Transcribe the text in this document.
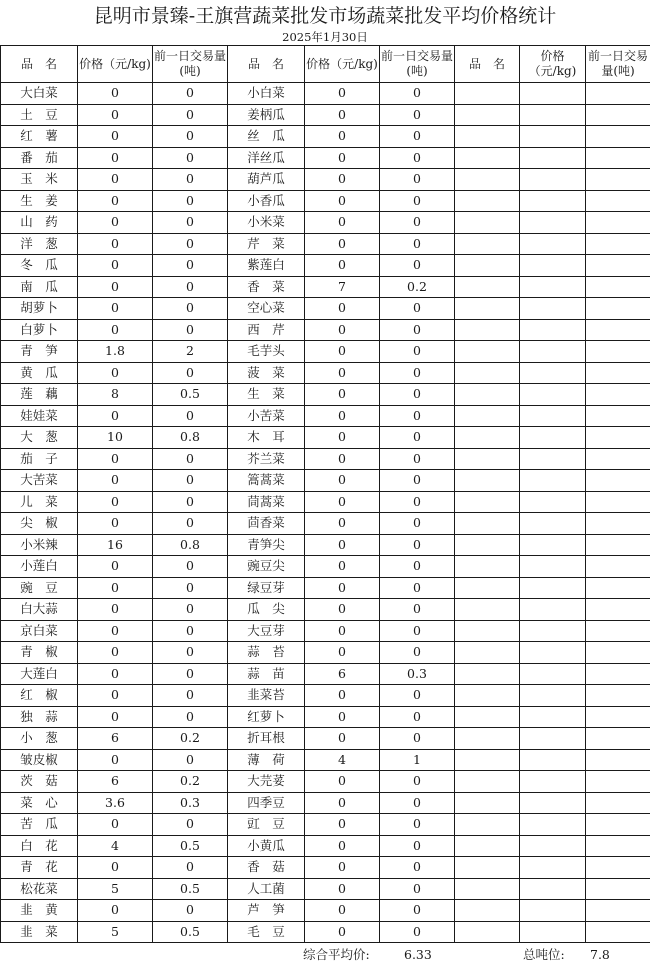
昆明市景臻-王旗营蔬菜批发市场蔬菜批发平均价格统计
2025年1月30日
品　名	价格（元/kg)	前一日交易量(吨)	品　名	价格（元/kg)	前一日交易量(吨)	品　名	价格（元/kg)	前一日交易量(吨)
大白菜	0	0	小白菜	0	0			
土　豆	0	0	姜柄瓜	0	0			
红　薯	0	0	丝　瓜	0	0			
番　茄	0	0	洋丝瓜	0	0			
玉　米	0	0	葫芦瓜	0	0			
生　姜	0	0	小香瓜	0	0			
山　药	0	0	小米菜	0	0			
洋　葱	0	0	芹　菜	0	0			
冬　瓜	0	0	紫莲白	0	0			
南　瓜	0	0	香　菜	7	0.2			
胡萝卜	0	0	空心菜	0	0			
白萝卜	0	0	西　芹	0	0			
青　笋	1.8	2	毛芋头	0	0			
黄　瓜	0	0	菠　菜	0	0			
莲　藕	8	0.5	生　菜	0	0			
娃娃菜	0	0	小苦菜	0	0			
大　葱	10	0.8	木　耳	0	0			
茄　子	0	0	芥兰菜	0	0			
大苦菜	0	0	篙蒿菜	0	0			
儿　菜	0	0	茼蒿菜	0	0			
尖　椒	0	0	茴香菜	0	0			
小米辣	16	0.8	青笋尖	0	0			
小莲白	0	0	豌豆尖	0	0			
豌　豆	0	0	绿豆芽	0	0			
白大蒜	0	0	瓜　尖	0	0			
京白菜	0	0	大豆芽	0	0			
青　椒	0	0	蒜　苔	0	0			
大莲白	0	0	蒜　苗	6	0.3			
红　椒	0	0	韭菜苔	0	0			
独　蒜	0	0	红萝卜	0	0			
小　葱	6	0.2	折耳根	0	0			
皱皮椒	0	0	薄　荷	4	1			
茨　菇	6	0.2	大芫荽	0	0			
菜　心	3.6	0.3	四季豆	0	0			
苦　瓜	0	0	豇　豆	0	0			
白　花	4	0.5	小黄瓜	0	0			
青　花	0	0	香　菇	0	0			
松花菜	5	0.5	人工菌	0	0			
韭　黄	0	0	芦　笋	0	0			
韭　菜	5	0.5	毛　豆	0	0			
综合平均价:	6.33	总吨位: 7.8
